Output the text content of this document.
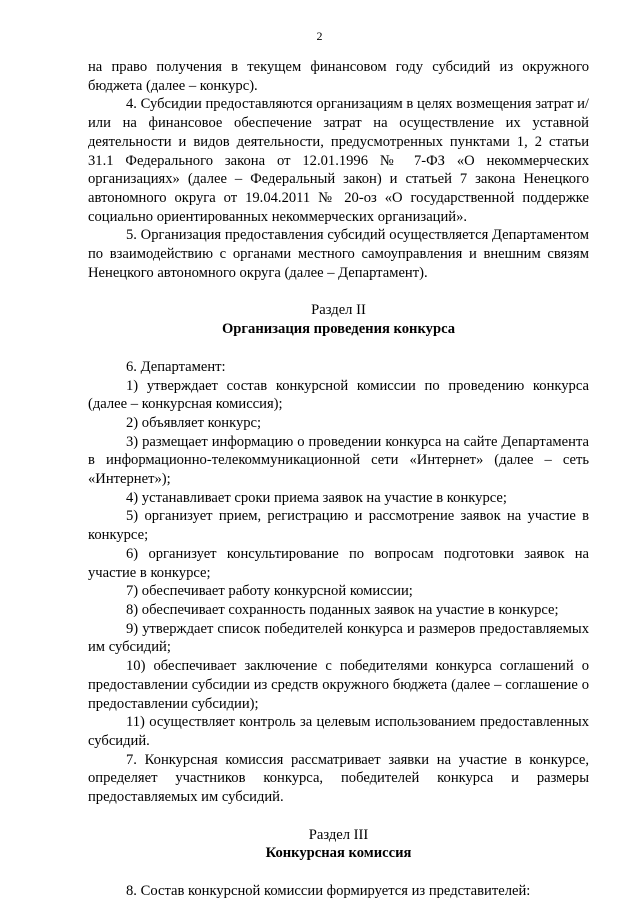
2

на право получения в текущем финансовом году субсидий из окружного бюджета (далее – конкурс).

4. Субсидии предоставляются организациям в целях возмещения затрат и/или на финансовое обеспечение затрат на осуществление их уставной деятельности и видов деятельности, предусмотренных пунктами 1, 2 статьи 31.1 Федерального закона от 12.01.1996 № 7-ФЗ «О некоммерческих организациях» (далее – Федеральный закон) и статьей 7 закона Ненецкого автономного округа от 19.04.2011 № 20-оз «О государственной поддержке социально ориентированных некоммерческих организаций».

5. Организация предоставления субсидий осуществляется Департаментом по взаимодействию с органами местного самоуправления и внешним связям Ненецкого автономного округа (далее – Департамент).

Раздел II

Организация проведения конкурса

6. Департамент:

1) утверждает состав конкурсной комиссии по проведению конкурса (далее – конкурсная комиссия);

2) объявляет конкурс;

3) размещает информацию о проведении конкурса на сайте Департамента в информационно-телекоммуникационной сети «Интернет» (далее – сеть «Интернет»);

4) устанавливает сроки приема заявок на участие в конкурсе;

5) организует прием, регистрацию и рассмотрение заявок на участие в конкурсе;

6) организует консультирование по вопросам подготовки заявок на участие в конкурсе;

7) обеспечивает работу конкурсной комиссии;

8) обеспечивает сохранность поданных заявок на участие в конкурсе;

9) утверждает список победителей конкурса и размеров предоставляемых им субсидий;

10) обеспечивает заключение с победителями конкурса соглашений о предоставлении субсидии из средств окружного бюджета (далее – соглашение о предоставлении субсидии);

11) осуществляет контроль за целевым использованием предоставленных субсидий.

7. Конкурсная комиссия рассматривает заявки на участие в конкурсе, определяет участников конкурса, победителей конкурса и размеры предоставляемых им субсидий.

Раздел III

Конкурсная комиссия

8. Состав конкурсной комиссии формируется из представителей:
